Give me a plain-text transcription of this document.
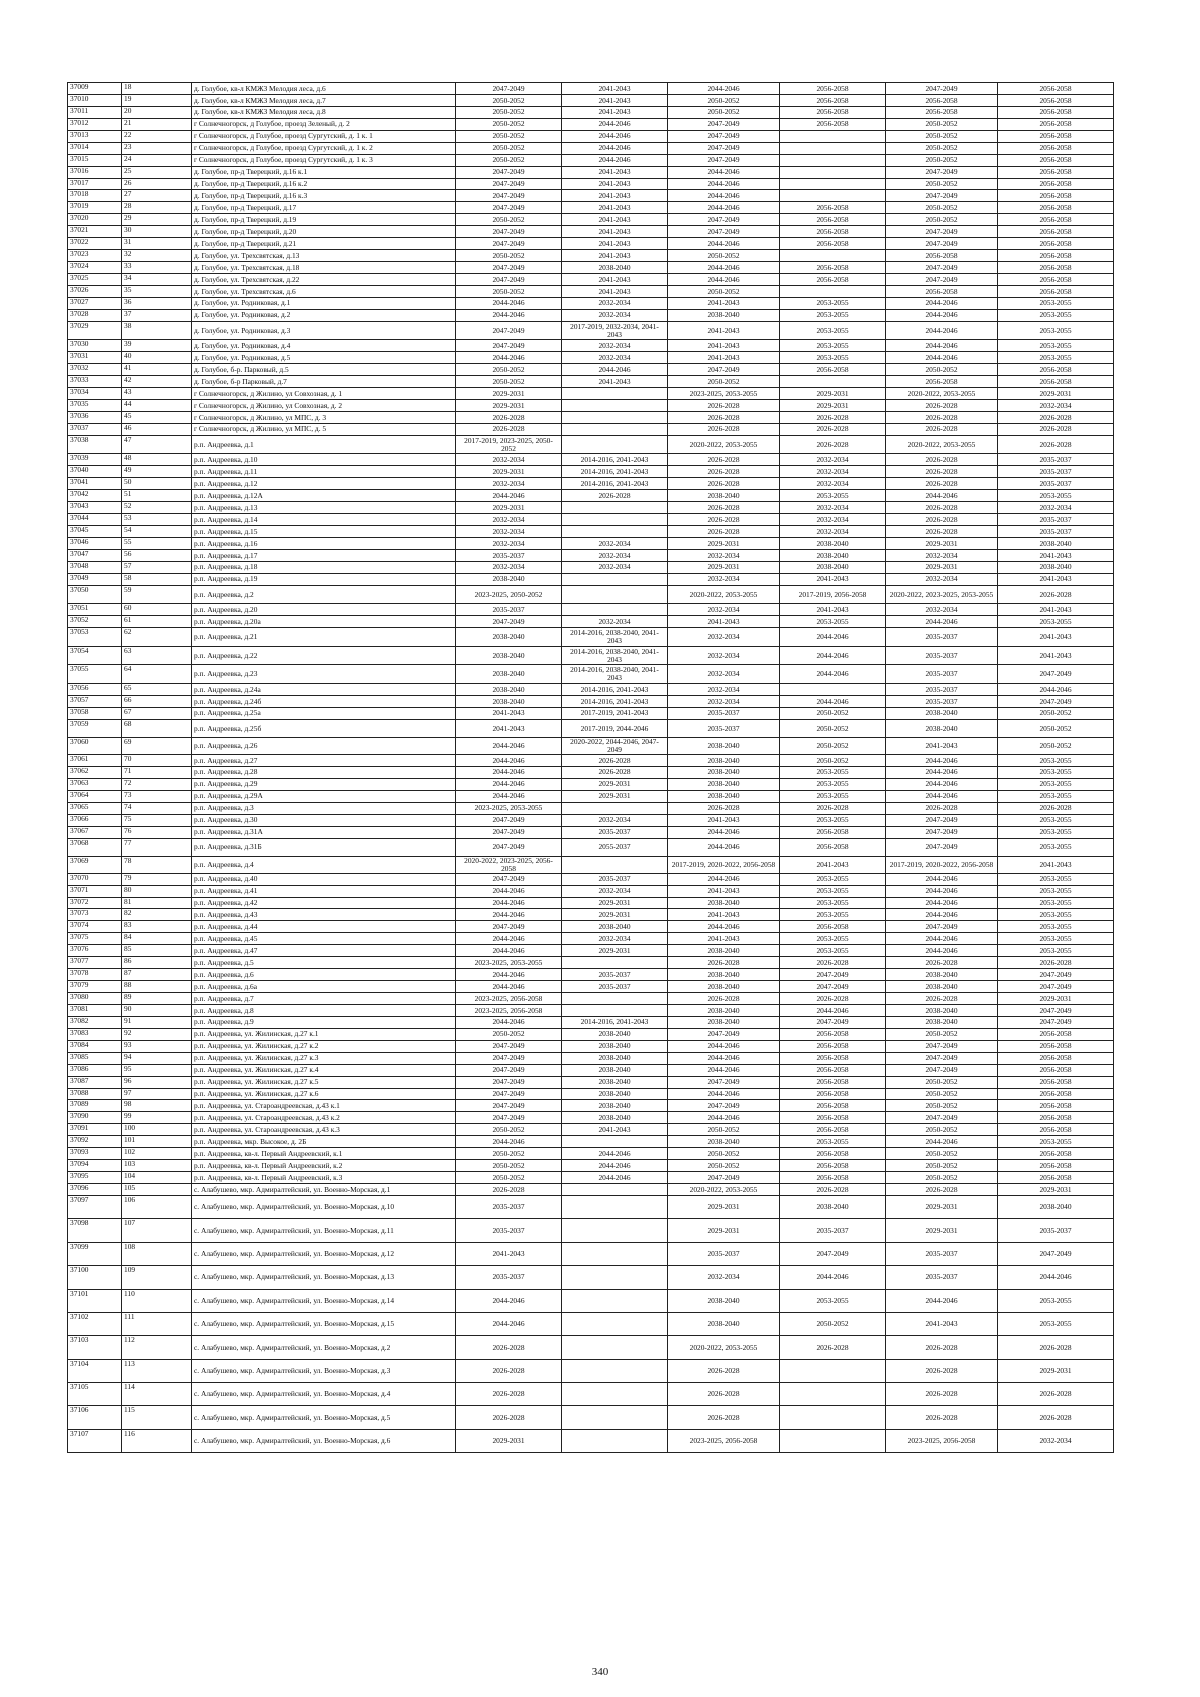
37009	18	д. Голубое, кв-л КМЖЗ Мелодия леса, д.6	2047-2049	2041-2043	2044-2046	2056-2058	2047-2049	2056-2058
37010	19	д. Голубое, кв-л КМЖЗ Мелодия леса, д.7	2050-2052	2041-2043	2050-2052	2056-2058	2056-2058	2056-2058
37011	20	д. Голубое, кв-л КМЖЗ Мелодия леса, д.8	2050-2052	2041-2043	2050-2052	2056-2058	2056-2058	2056-2058
37012	21	г Солнечногорск, д Голубое, проезд Зеленый, д. 2	2050-2052	2044-2046	2047-2049	2056-2058	2050-2052	2056-2058
37013	22	г Солнечногорск, д Голубое, проезд Сургутский, д. 1 к. 1	2050-2052	2044-2046	2047-2049		2050-2052	2056-2058
37014	23	г Солнечногорск, д Голубое, проезд Сургутский, д. 1 к. 2	2050-2052	2044-2046	2047-2049		2050-2052	2056-2058
37015	24	г Солнечногорск, д Голубое, проезд Сургутский, д. 1 к. 3	2050-2052	2044-2046	2047-2049		2050-2052	2056-2058
37016	25	д. Голубое, пр-д Тверецкий, д.16 к.1	2047-2049	2041-2043	2044-2046		2047-2049	2056-2058
37017	26	д. Голубое, пр-д Тверецкий, д.16 к.2	2047-2049	2041-2043	2044-2046		2050-2052	2056-2058
37018	27	д. Голубое, пр-д Тверецкий, д.16 к.3	2047-2049	2041-2043	2044-2046		2047-2049	2056-2058
37019	28	д. Голубое, пр-д Тверецкий, д.17	2047-2049	2041-2043	2044-2046	2056-2058	2050-2052	2056-2058
37020	29	д. Голубое, пр-д Тверецкий, д.19	2050-2052	2041-2043	2047-2049	2056-2058	2050-2052	2056-2058
37021	30	д. Голубое, пр-д Тверецкий, д.20	2047-2049	2041-2043	2047-2049	2056-2058	2047-2049	2056-2058
37022	31	д. Голубое, пр-д Тверецкий, д.21	2047-2049	2041-2043	2044-2046	2056-2058	2047-2049	2056-2058
37023	32	д. Голубое, ул. Трехсвятская, д.13	2050-2052	2041-2043	2050-2052		2056-2058	2056-2058
37024	33	д. Голубое, ул. Трехсвятская, д.18	2047-2049	2038-2040	2044-2046	2056-2058	2047-2049	2056-2058
37025	34	д. Голубое, ул. Трехсвятская, д.22	2047-2049	2041-2043	2044-2046	2056-2058	2047-2049	2056-2058
37026	35	д. Голубое, ул. Трехсвятская, д.6	2050-2052	2041-2043	2050-2052		2056-2058	2056-2058
37027	36	д. Голубое, ул. Родниковая, д.1	2044-2046	2032-2034	2041-2043	2053-2055	2044-2046	2053-2055
37028	37	д. Голубое, ул. Родниковая, д.2	2044-2046	2032-2034	2038-2040	2053-2055	2044-2046	2053-2055
37029	38	д. Голубое, ул. Родниковая, д.3	2047-2049	2017-2019, 2032-2034, 2041-2043	2041-2043	2053-2055	2044-2046	2053-2055
37030	39	д. Голубое, ул. Родниковая, д.4	2047-2049	2032-2034	2041-2043	2053-2055	2044-2046	2053-2055
37031	40	д. Голубое, ул. Родниковая, д.5	2044-2046	2032-2034	2041-2043	2053-2055	2044-2046	2053-2055
37032	41	д. Голубое, б-р. Парковый, д.5	2050-2052	2044-2046	2047-2049	2056-2058	2050-2052	2056-2058
37033	42	д. Голубое, б-р Парковый, д.7	2050-2052	2041-2043	2050-2052		2056-2058	2056-2058
37034	43	г Солнечногорск, д Жилино, ул Совхозная, д. 1	2029-2031		2023-2025, 2053-2055	2029-2031	2020-2022, 2053-2055	2029-2031
37035	44	г Солнечногорск, д Жилино, ул Совхозная, д. 2	2029-2031		2026-2028	2029-2031	2026-2028	2032-2034
37036	45	г Солнечногорск, д Жилино, ул МПС, д. 3	2026-2028		2026-2028	2026-2028	2026-2028	2026-2028
37037	46	г Солнечногорск, д Жилино, ул МПС, д. 5	2026-2028		2026-2028	2026-2028	2026-2028	2026-2028
37038	47	р.п. Андреевка, д.1	2017-2019, 2023-2025, 2050-2052		2020-2022, 2053-2055	2026-2028	2020-2022, 2053-2055	2026-2028
37039	48	р.п. Андреевка, д.10	2032-2034	2014-2016, 2041-2043	2026-2028	2032-2034	2026-2028	2035-2037
37040	49	р.п. Андреевка, д.11	2029-2031	2014-2016, 2041-2043	2026-2028	2032-2034	2026-2028	2035-2037
37041	50	р.п. Андреевка, д.12	2032-2034	2014-2016, 2041-2043	2026-2028	2032-2034	2026-2028	2035-2037
37042	51	р.п. Андреевка, д.12А	2044-2046	2026-2028	2038-2040	2053-2055	2044-2046	2053-2055
37043	52	р.п. Андреевка, д.13	2029-2031		2026-2028	2032-2034	2026-2028	2032-2034
37044	53	р.п. Андреевка, д.14	2032-2034		2026-2028	2032-2034	2026-2028	2035-2037
37045	54	р.п. Андреевка, д.15	2032-2034		2026-2028	2032-2034	2026-2028	2035-2037
37046	55	р.п. Андреевка, д.16	2032-2034	2032-2034	2029-2031	2038-2040	2029-2031	2038-2040
37047	56	р.п. Андреевка, д.17	2035-2037	2032-2034	2032-2034	2038-2040	2032-2034	2041-2043
37048	57	р.п. Андреевка, д.18	2032-2034	2032-2034	2029-2031	2038-2040	2029-2031	2038-2040
37049	58	р.п. Андреевка, д.19	2038-2040		2032-2034	2041-2043	2032-2034	2041-2043
37050	59	р.п. Андреевка, д.2	2023-2025, 2050-2052		2020-2022, 2053-2055	2017-2019, 2056-2058	2020-2022, 2023-2025, 2053-2055	2026-2028
37051	60	р.п. Андреевка, д.20	2035-2037		2032-2034	2041-2043	2032-2034	2041-2043
37052	61	р.п. Андреевка, д.20а	2047-2049	2032-2034	2041-2043	2053-2055	2044-2046	2053-2055
37053	62	р.п. Андреевка, д.21	2038-2040	2014-2016, 2038-2040, 2041-2043	2032-2034	2044-2046	2035-2037	2041-2043
37054	63	р.п. Андреевка, д.22	2038-2040	2014-2016, 2038-2040, 2041-2043	2032-2034	2044-2046	2035-2037	2041-2043
37055	64	р.п. Андреевка, д.23	2038-2040	2014-2016, 2038-2040, 2041-2043	2032-2034	2044-2046	2035-2037	2047-2049
37056	65	р.п. Андреевка, д.24а	2038-2040	2014-2016, 2041-2043	2032-2034		2035-2037	2044-2046
37057	66	р.п. Андреевка, д.24б	2038-2040	2014-2016, 2041-2043	2032-2034	2044-2046	2035-2037	2047-2049
37058	67	р.п. Андреевка, д.25а	2041-2043	2017-2019, 2041-2043	2035-2037	2050-2052	2038-2040	2050-2052
37059	68	р.п. Андреевка, д.25б	2041-2043	2017-2019, 2044-2046	2035-2037	2050-2052	2038-2040	2050-2052
37060	69	р.п. Андреевка, д.26	2044-2046	2020-2022, 2044-2046, 2047-2049	2038-2040	2050-2052	2041-2043	2050-2052
37061	70	р.п. Андреевка, д.27	2044-2046	2026-2028	2038-2040	2050-2052	2044-2046	2053-2055
37062	71	р.п. Андреевка, д.28	2044-2046	2026-2028	2038-2040	2053-2055	2044-2046	2053-2055
37063	72	р.п. Андреевка, д.29	2044-2046	2029-2031	2038-2040	2053-2055	2044-2046	2053-2055
37064	73	р.п. Андреевка, д.29А	2044-2046	2029-2031	2038-2040	2053-2055	2044-2046	2053-2055
37065	74	р.п. Андреевка, д.3	2023-2025, 2053-2055		2026-2028	2026-2028	2026-2028	2026-2028
37066	75	р.п. Андреевка, д.30	2047-2049	2032-2034	2041-2043	2053-2055	2047-2049	2053-2055
37067	76	р.п. Андреевка, д.31А	2047-2049	2035-2037	2044-2046	2056-2058	2047-2049	2053-2055
37068	77	р.п. Андреевка, д.31Б	2047-2049	2055-2037	2044-2046	2056-2058	2047-2049	2053-2055
37069	78	р.п. Андреевка, д.4	2020-2022, 2023-2025, 2056-2058		2017-2019, 2020-2022, 2056-2058	2041-2043	2017-2019, 2020-2022, 2056-2058	2041-2043
37070	79	р.п. Андреевка, д.40	2047-2049	2035-2037	2044-2046	2053-2055	2044-2046	2053-2055
37071	80	р.п. Андреевка, д.41	2044-2046	2032-2034	2041-2043	2053-2055	2044-2046	2053-2055
37072	81	р.п. Андреевка, д.42	2044-2046	2029-2031	2038-2040	2053-2055	2044-2046	2053-2055
37073	82	р.п. Андреевка, д.43	2044-2046	2029-2031	2041-2043	2053-2055	2044-2046	2053-2055
37074	83	р.п. Андреевка, д.44	2047-2049	2038-2040	2044-2046	2056-2058	2047-2049	2053-2055
37075	84	р.п. Андреевка, д.45	2044-2046	2032-2034	2041-2043	2053-2055	2044-2046	2053-2055
37076	85	р.п. Андреевка, д.47	2044-2046	2029-2031	2038-2040	2053-2055	2044-2046	2053-2055
37077	86	р.п. Андреевка, д.5	2023-2025, 2053-2055		2026-2028	2026-2028	2026-2028	2026-2028
37078	87	р.п. Андреевка, д.6	2044-2046	2035-2037	2038-2040	2047-2049	2038-2040	2047-2049
37079	88	р.п. Андреевка, д.6а	2044-2046	2035-2037	2038-2040	2047-2049	2038-2040	2047-2049
37080	89	р.п. Андреевка, д.7	2023-2025, 2056-2058		2026-2028	2026-2028	2026-2028	2029-2031
37081	90	р.п. Андреевка, д.8	2023-2025, 2056-2058		2038-2040	2044-2046	2038-2040	2047-2049
37082	91	р.п. Андреевка, д.9	2044-2046	2014-2016, 2041-2043	2038-2040	2047-2049	2038-2040	2047-2049
37083	92	р.п. Андреевка, ул. Жилинская, д.27 к.1	2050-2052	2038-2040	2047-2049	2056-2058	2050-2052	2056-2058
37084	93	р.п. Андреевка, ул. Жилинская, д.27 к.2	2047-2049	2038-2040	2044-2046	2056-2058	2047-2049	2056-2058
37085	94	р.п. Андреевка, ул. Жилинская, д.27 к.3	2047-2049	2038-2040	2044-2046	2056-2058	2047-2049	2056-2058
37086	95	р.п. Андреевка, ул. Жилинская, д.27 к.4	2047-2049	2038-2040	2044-2046	2056-2058	2047-2049	2056-2058
37087	96	р.п. Андреевка, ул. Жилинская, д.27 к.5	2047-2049	2038-2040	2047-2049	2056-2058	2050-2052	2056-2058
37088	97	р.п. Андреевка, ул. Жилинская, д.27 к.6	2047-2049	2038-2040	2044-2046	2056-2058	2050-2052	2056-2058
37089	98	р.п. Андреевка, ул. Староандреевская, д.43 к.1	2047-2049	2038-2040	2047-2049	2056-2058	2050-2052	2056-2058
37090	99	р.п. Андреевка, ул. Староандреевская, д.43 к.2	2047-2049	2038-2040	2044-2046	2056-2058	2047-2049	2056-2058
37091	100	р.п. Андреевка, ул. Староандреевская, д.43 к.3	2050-2052	2041-2043	2050-2052	2056-2058	2050-2052	2056-2058
37092	101	р.п. Андреевка, мкр. Высокое, д. 2Б	2044-2046		2038-2040	2053-2055	2044-2046	2053-2055
37093	102	р.п. Андреевка, кв-л. Первый Андреевский, к.1	2050-2052	2044-2046	2050-2052	2056-2058	2050-2052	2056-2058
37094	103	р.п. Андреевка, кв-л. Первый Андреевский, к.2	2050-2052	2044-2046	2050-2052	2056-2058	2050-2052	2056-2058
37095	104	р.п. Андреевка, кв-л. Первый Андреевский, к.3	2050-2052	2044-2046	2047-2049	2056-2058	2050-2052	2056-2058
37096	105	с. Алабушево, мкр. Адмиралтейский, ул. Военно-Морская, д.1	2026-2028		2020-2022, 2053-2055	2026-2028	2026-2028	2029-2031
37097	106	с. Алабушево, мкр. Адмиралтейский, ул. Военно-Морская, д.10	2035-2037		2029-2031	2038-2040	2029-2031	2038-2040
37098	107	с. Алабушево, мкр. Адмиралтейский, ул. Военно-Морская, д.11	2035-2037		2029-2031	2035-2037	2029-2031	2035-2037
37099	108	с. Алабушево, мкр. Адмиралтейский, ул. Военно-Морская, д.12	2041-2043		2035-2037	2047-2049	2035-2037	2047-2049
37100	109	с. Алабушево, мкр. Адмиралтейский, ул. Военно-Морская, д.13	2035-2037		2032-2034	2044-2046	2035-2037	2044-2046
37101	110	с. Алабушево, мкр. Адмиралтейский, ул. Военно-Морская, д.14	2044-2046		2038-2040	2053-2055	2044-2046	2053-2055
37102	111	с. Алабушево, мкр. Адмиралтейский, ул. Военно-Морская, д.15	2044-2046		2038-2040	2050-2052	2041-2043	2053-2055
37103	112	с. Алабушево, мкр. Адмиралтейский, ул. Военно-Морская, д.2	2026-2028		2020-2022, 2053-2055	2026-2028	2026-2028	2026-2028
37104	113	с. Алабушево, мкр. Адмиралтейский, ул. Военно-Морская, д.3	2026-2028		2026-2028		2026-2028	2029-2031
37105	114	с. Алабушево, мкр. Адмиралтейский, ул. Военно-Морская, д.4	2026-2028		2026-2028		2026-2028	2026-2028
37106	115	с. Алабушево, мкр. Адмиралтейский, ул. Военно-Морская, д.5	2026-2028		2026-2028		2026-2028	2026-2028
37107	116	с. Алабушево, мкр. Адмиралтейский, ул. Военно-Морская, д.6	2029-2031		2023-2025, 2056-2058		2023-2025, 2056-2058	2032-2034
340
